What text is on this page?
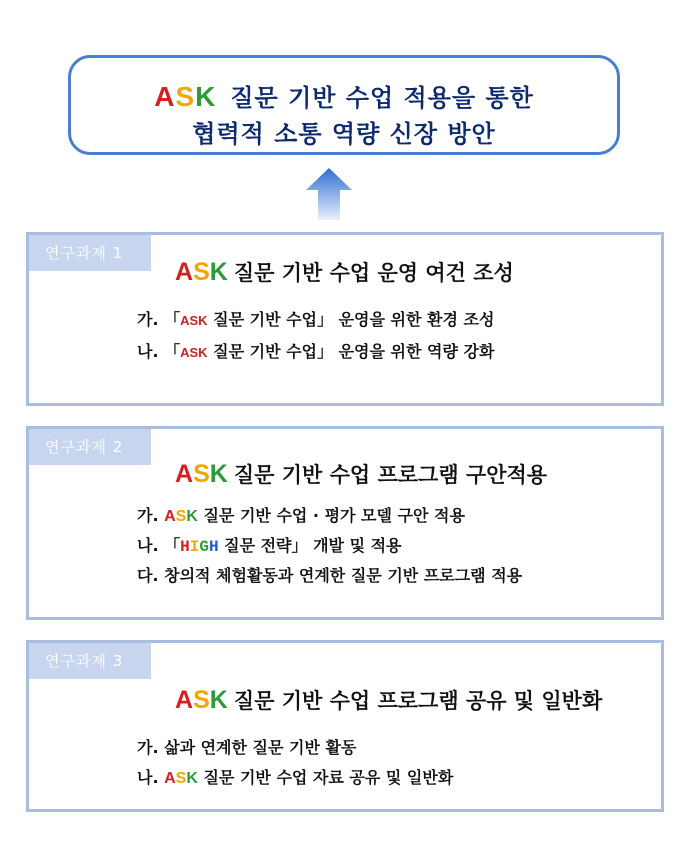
ASK 질문 기반 수업 적용을 통한
협력적 소통 역량 신장 방안
연구과제 1
ASK 질문 기반 수업 운영 여건 조성
가. 「ASK 질문 기반 수업」 운영을 위한 환경 조성
나. 「ASK 질문 기반 수업」 운영을 위한 역량 강화
연구과제 2
ASK 질문 기반 수업 프로그램 구안적용
가. ASK 질문 기반 수업 · 평가 모델 구안 적용
나. 「HIGH 질문 전략」 개발 및 적용
다. 창의적 체험활동과 연계한 질문 기반 프로그램 적용
연구과제 3
ASK 질문 기반 수업 프로그램 공유 및 일반화
가. 삶과 연계한 질문 기반 활동
나. ASK 질문 기반 수업 자료 공유 및 일반화
